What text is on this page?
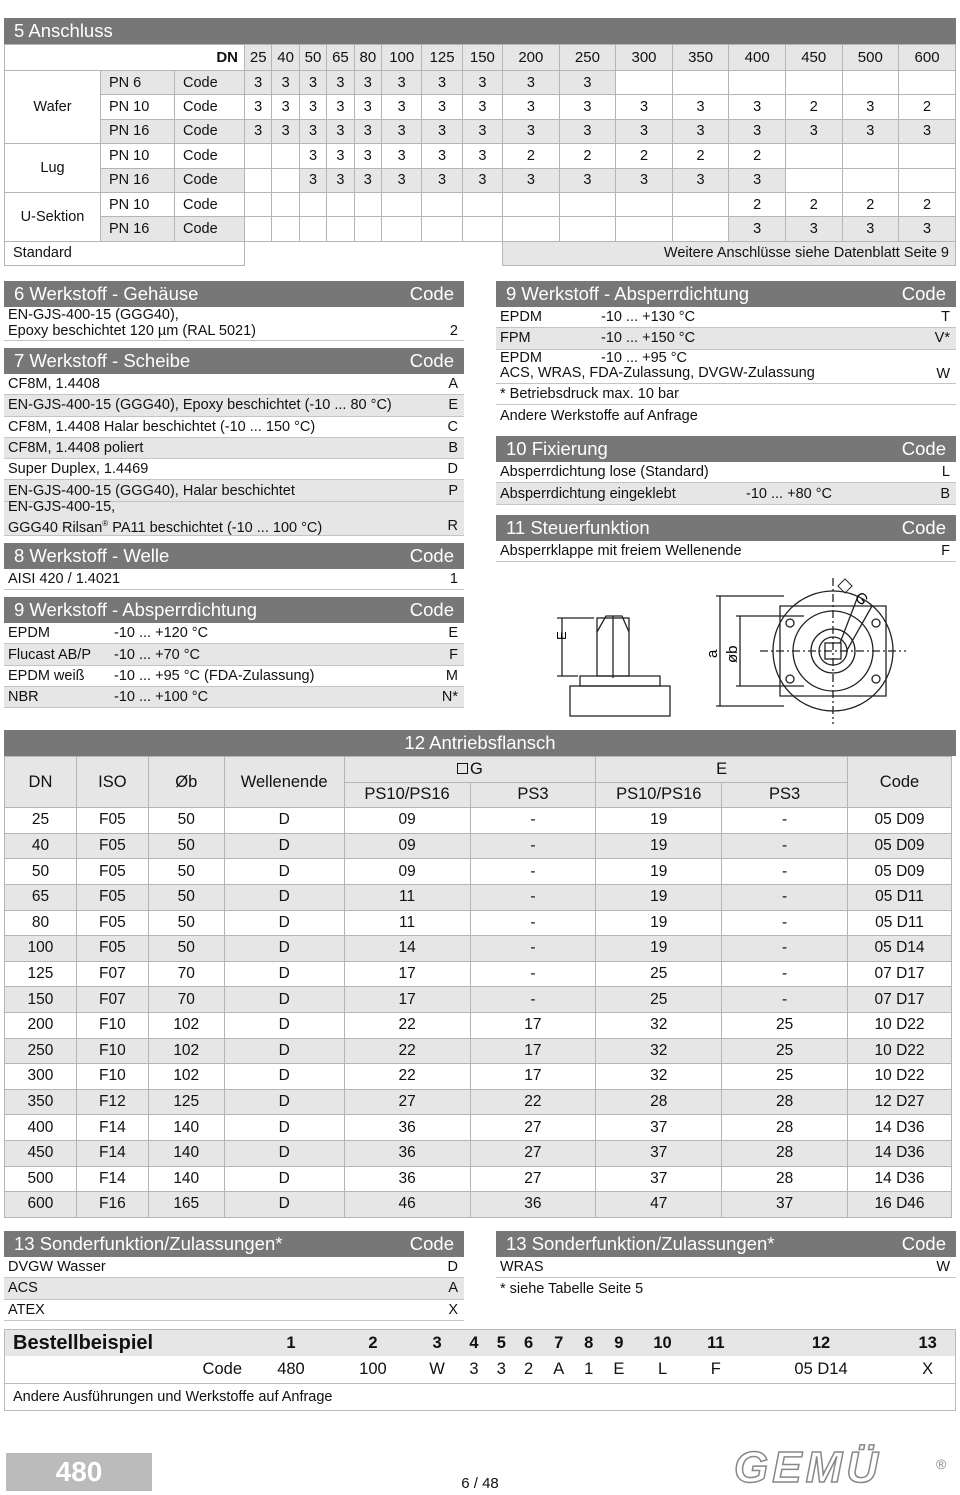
5 Anschluss
DN			25	40	50	65	80	100	125	150	200	250	300	350	400	450	500	600
Wafer	PN 6	Code	3	3	3	3	3	3	3	3	3	3						
	PN 10	Code	3	3	3	3	3	3	3	3	3	3	3	3	3	2	3	2
	PN 16	Code	3	3	3	3	3	3	3	3	3	3	3	3	3	3	3	3
Lug	PN 10	Code			3	3	3	3	3	3	2	2	2	2	2			
	PN 16	Code			3	3	3	3	3	3	3	3	3	3	3			
U-Sektion	PN 10	Code													2	2	2	2
	PN 16	Code													3	3	3	3
Standard											Weitere Anschlüsse siehe Datenblatt Seite 9							
6 Werkstoff - Gehäuse	Code
EN-GJS-400-15 (GGG40),
Epoxy beschichtet 120 µm (RAL 5021)	2
7 Werkstoff - Scheibe	Code
CF8M, 1.4408	A
EN-GJS-400-15 (GGG40), Epoxy beschichtet (-10 ... 80 °C)	E
CF8M, 1.4408 Halar beschichtet (-10 ... 150 °C)	C
CF8M, 1.4408 poliert	B
Super Duplex, 1.4469	D
EN-GJS-400-15 (GGG40), Halar beschichtet	P
EN-GJS-400-15,
GGG40 Rilsan® PA11 beschichtet (-10 ... 100 °C)	R
8 Werkstoff - Welle	Code
AISI 420 / 1.4021	1
9 Werkstoff - Absperrdichtung	Code
EPDM	-10 ... +120 °C	E
Flucast AB/P	-10 ... +70 °C	F
EPDM weiß	-10 ... +95 °C (FDA-Zulassung)	M
NBR	-10 ... +100 °C	N*
9 Werkstoff - Absperrdichtung	Code
EPDM	-10 ... +130 °C	T
FPM	-10 ... +150 °C	V*
EPDM	-10 ... +95 °C
ACS, WRAS, FDA-Zulassung, DVGW-Zulassung	W
* Betriebsdruck max. 10 bar
Andere Werkstoffe auf Anfrage
10 Fixierung	Code
Absperrdichtung lose (Standard)	L
Absperrdichtung eingeklebt	-10 ... +80 °C	B
11 Steuerfunktion	Code
Absperrklappe mit freiem Wellenende	F
E
a øb
G
12 Antriebsflansch
DN	ISO	Øb	Wellenende	G		E		Code
				PS10/PS16	PS3	PS10/PS16	PS3	
25	F05	50	D	09	-	19	-	05 D09
40	F05	50	D	09	-	19	-	05 D09
50	F05	50	D	09	-	19	-	05 D09
65	F05	50	D	11	-	19	-	05 D11
80	F05	50	D	11	-	19	-	05 D11
100	F05	50	D	14	-	19	-	05 D14
125	F07	70	D	17	-	25	-	07 D17
150	F07	70	D	17	-	25	-	07 D17
200	F10	102	D	22	17	32	25	10 D22
250	F10	102	D	22	17	32	25	10 D22
300	F10	102	D	22	17	32	25	10 D22
350	F12	125	D	27	22	28	28	12 D27
400	F14	140	D	36	27	37	28	14 D36
450	F14	140	D	36	27	37	28	14 D36
500	F14	140	D	36	27	37	28	14 D36
600	F16	165	D	46	36	47	37	16 D46
13 Sonderfunktion/Zulassungen*	Code
DVGW Wasser	D
ACS	A
ATEX	X
13 Sonderfunktion/Zulassungen*	Code
WRAS	W
* siehe Tabelle Seite 5
Bestellbeispiel	1	2	3	4	5	6	7	8	9	10	11	12	13
Code	480	100	W	3	3	2	A	1	E	L	F	05 D14	X
Andere Ausführungen und Werkstoffe auf Anfrage
480	6 / 48	GEMÜ	®
